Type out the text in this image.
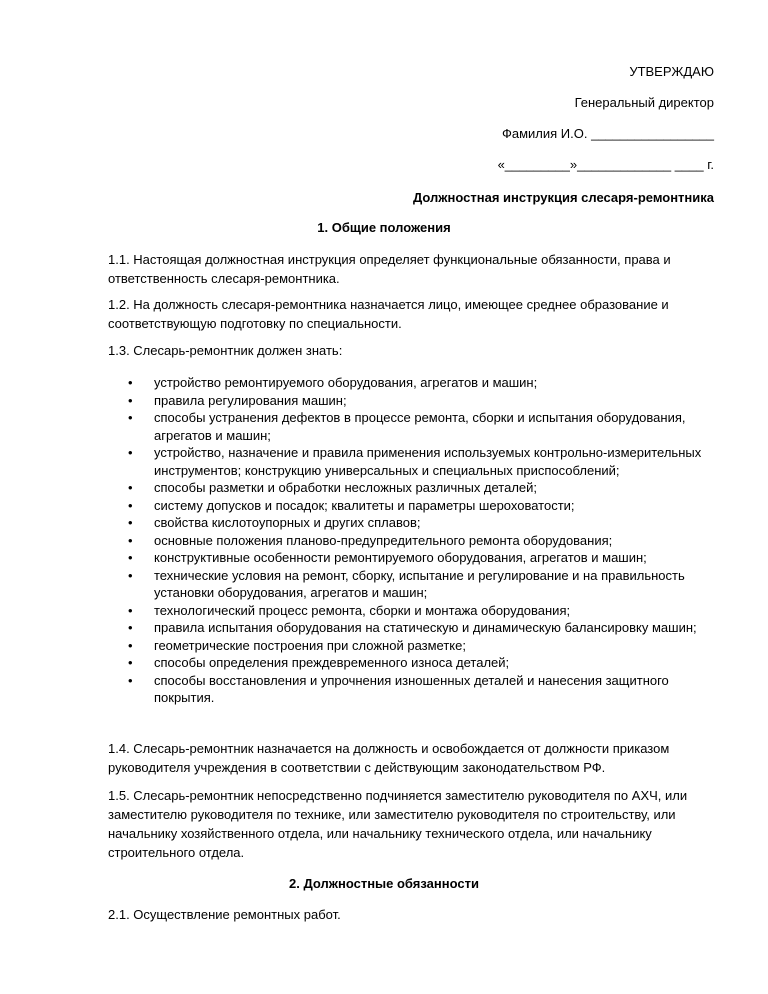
УТВЕРЖДАЮ
Генеральный директор
Фамилия И.О. _________________
«_________»_____________ ____ г.
Должностная инструкция слесаря-ремонтника
1. Общие положения
1.1. Настоящая должностная инструкция определяет функциональные обязанности, права и ответственность слесаря-ремонтника.
1.2. На должность слесаря-ремонтника назначается лицо, имеющее среднее образование и соответствующую подготовку по специальности.
1.3. Слесарь-ремонтник должен знать:
• устройство ремонтируемого оборудования, агрегатов и машин;
• правила регулирования машин;
• способы устранения дефектов в процессе ремонта, сборки и испытания оборудования, агрегатов и машин;
• устройство, назначение и правила применения используемых контрольно-измерительных инструментов; конструкцию универсальных и специальных приспособлений;
• способы разметки и обработки несложных различных деталей;
• систему допусков и посадок; квалитеты и параметры шероховатости;
• свойства кислотоупорных и других сплавов;
• основные положения планово-предупредительного ремонта оборудования;
• конструктивные особенности ремонтируемого оборудования, агрегатов и машин;
• технические условия на ремонт, сборку, испытание и регулирование и на правильность установки оборудования, агрегатов и машин;
• технологический процесс ремонта, сборки и монтажа оборудования;
• правила испытания оборудования на статическую и динамическую балансировку машин;
• геометрические построения при сложной разметке;
• способы определения преждевременного износа деталей;
• способы восстановления и упрочнения изношенных деталей и нанесения защитного покрытия.
1.4. Слесарь-ремонтник назначается на должность и освобождается от должности приказом руководителя учреждения в соответствии с действующим законодательством РФ.
1.5. Слесарь-ремонтник непосредственно подчиняется заместителю руководителя по АХЧ, или заместителю руководителя по технике, или заместителю руководителя по строительству, или начальнику хозяйственного отдела, или начальнику технического отдела, или начальнику строительного отдела.
2. Должностные обязанности
2.1. Осуществление ремонтных работ.
